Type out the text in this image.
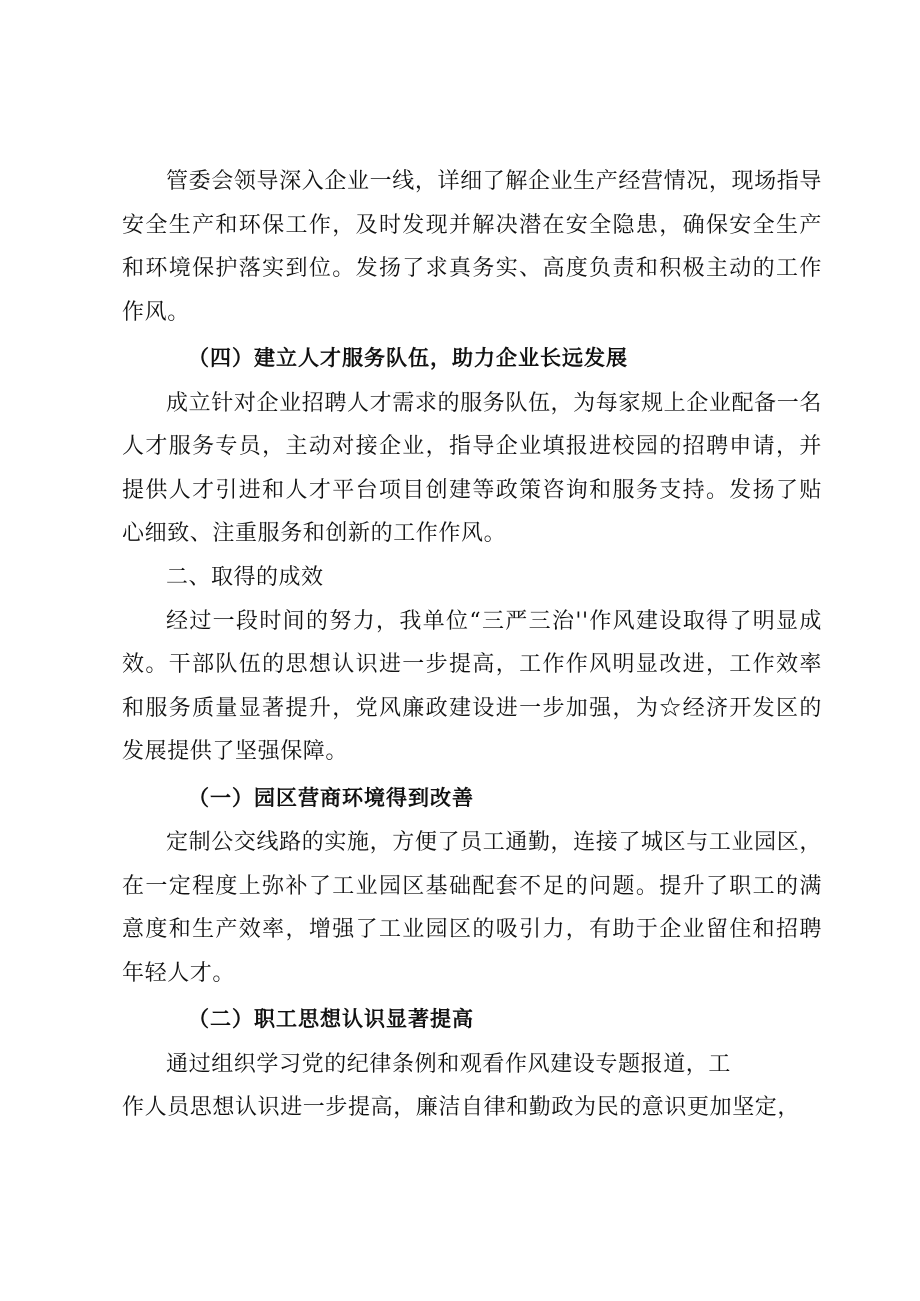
管委会领导深入企业一线，详细了解企业生产经营情况，现场指导安全生产和环保工作，及时发现并解决潜在安全隐患，确保安全生产和环境保护落实到位。发扬了求真务实、高度负责和积极主动的工作作风。

（四）建立人才服务队伍，助力企业长远发展

成立针对企业招聘人才需求的服务队伍，为每家规上企业配备一名人才服务专员，主动对接企业，指导企业填报进校园的招聘申请，并提供人才引进和人才平台项目创建等政策咨询和服务支持。发扬了贴心细致、注重服务和创新的工作作风。

二、取得的成效

经过一段时间的努力，我单位“三严三治''作风建设取得了明显成效。干部队伍的思想认识进一步提高，工作作风明显改进，工作效率和服务质量显著提升，党风廉政建设进一步加强，为☆经济开发区的发展提供了坚强保障。

（一）园区营商环境得到改善

定制公交线路的实施，方便了员工通勤，连接了城区与工业园区，在一定程度上弥补了工业园区基础配套不足的问题。提升了职工的满意度和生产效率，增强了工业园区的吸引力，有助于企业留住和招聘年轻人才。

（二）职工思想认识显著提高

通过组织学习党的纪律条例和观看作风建设专题报道，工
作人员思想认识进一步提高，廉洁自律和勤政为民的意识更加坚定，
